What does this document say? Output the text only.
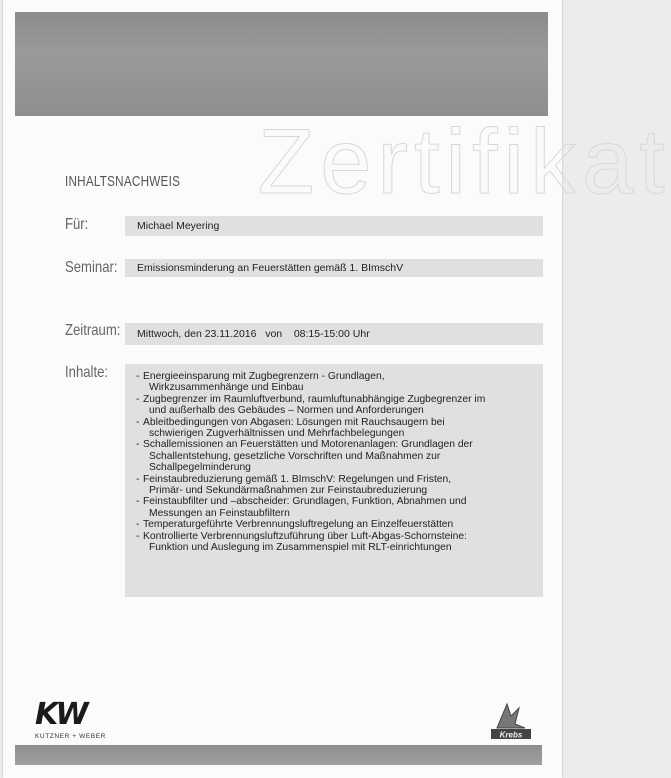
Zertifikat
INHALTSNACHWEIS
Für:	Michael Meyering
Seminar: Emissionsminderung an Feuerstätten gemäß 1. BImschV
Zeitraum: Mittwoch, den 23.11.2016   von    08:15-15:00 Uhr
Inhalte:	- Energieeinsparung mit Zugbegrenzern - Grundlagen,
Wirkzusammenhänge und Einbau
- Zugbegrenzer im Raumluftverbund, raumluftunabhängige Zugbegrenzer im
und außerhalb des Gebäudes – Normen und Anforderungen
- Ableitbedingungen von Abgasen: Lösungen mit Rauchsaugern bei
schwierigen Zugverhältnissen und Mehrfachbelegungen
- Schallemissionen an Feuerstätten und Motorenanlagen: Grundlagen der
Schallentstehung, gesetzliche Vorschriften und Maßnahmen zur
Schallpegelminderung
- Feinstaubreduzierung gemäß 1. BImschV: Regelungen und Fristen,
Primär- und Sekundärmaßnahmen zur Feinstaubreduzierung
- Feinstaubfilter und –abscheider: Grundlagen, Funktion, Abnahmen und
Messungen an Feinstaubfiltern
- Temperaturgeführte Verbrennungsluftregelung an Einzelfeuerstätten
- Kontrollierte Verbrennungsluftzuführung über Luft-Abgas-Schornsteine:
Funktion und Auslegung im Zusammenspiel mit RLT-einrichtungen
KW
KUTZNER + WEBER	Krebs
